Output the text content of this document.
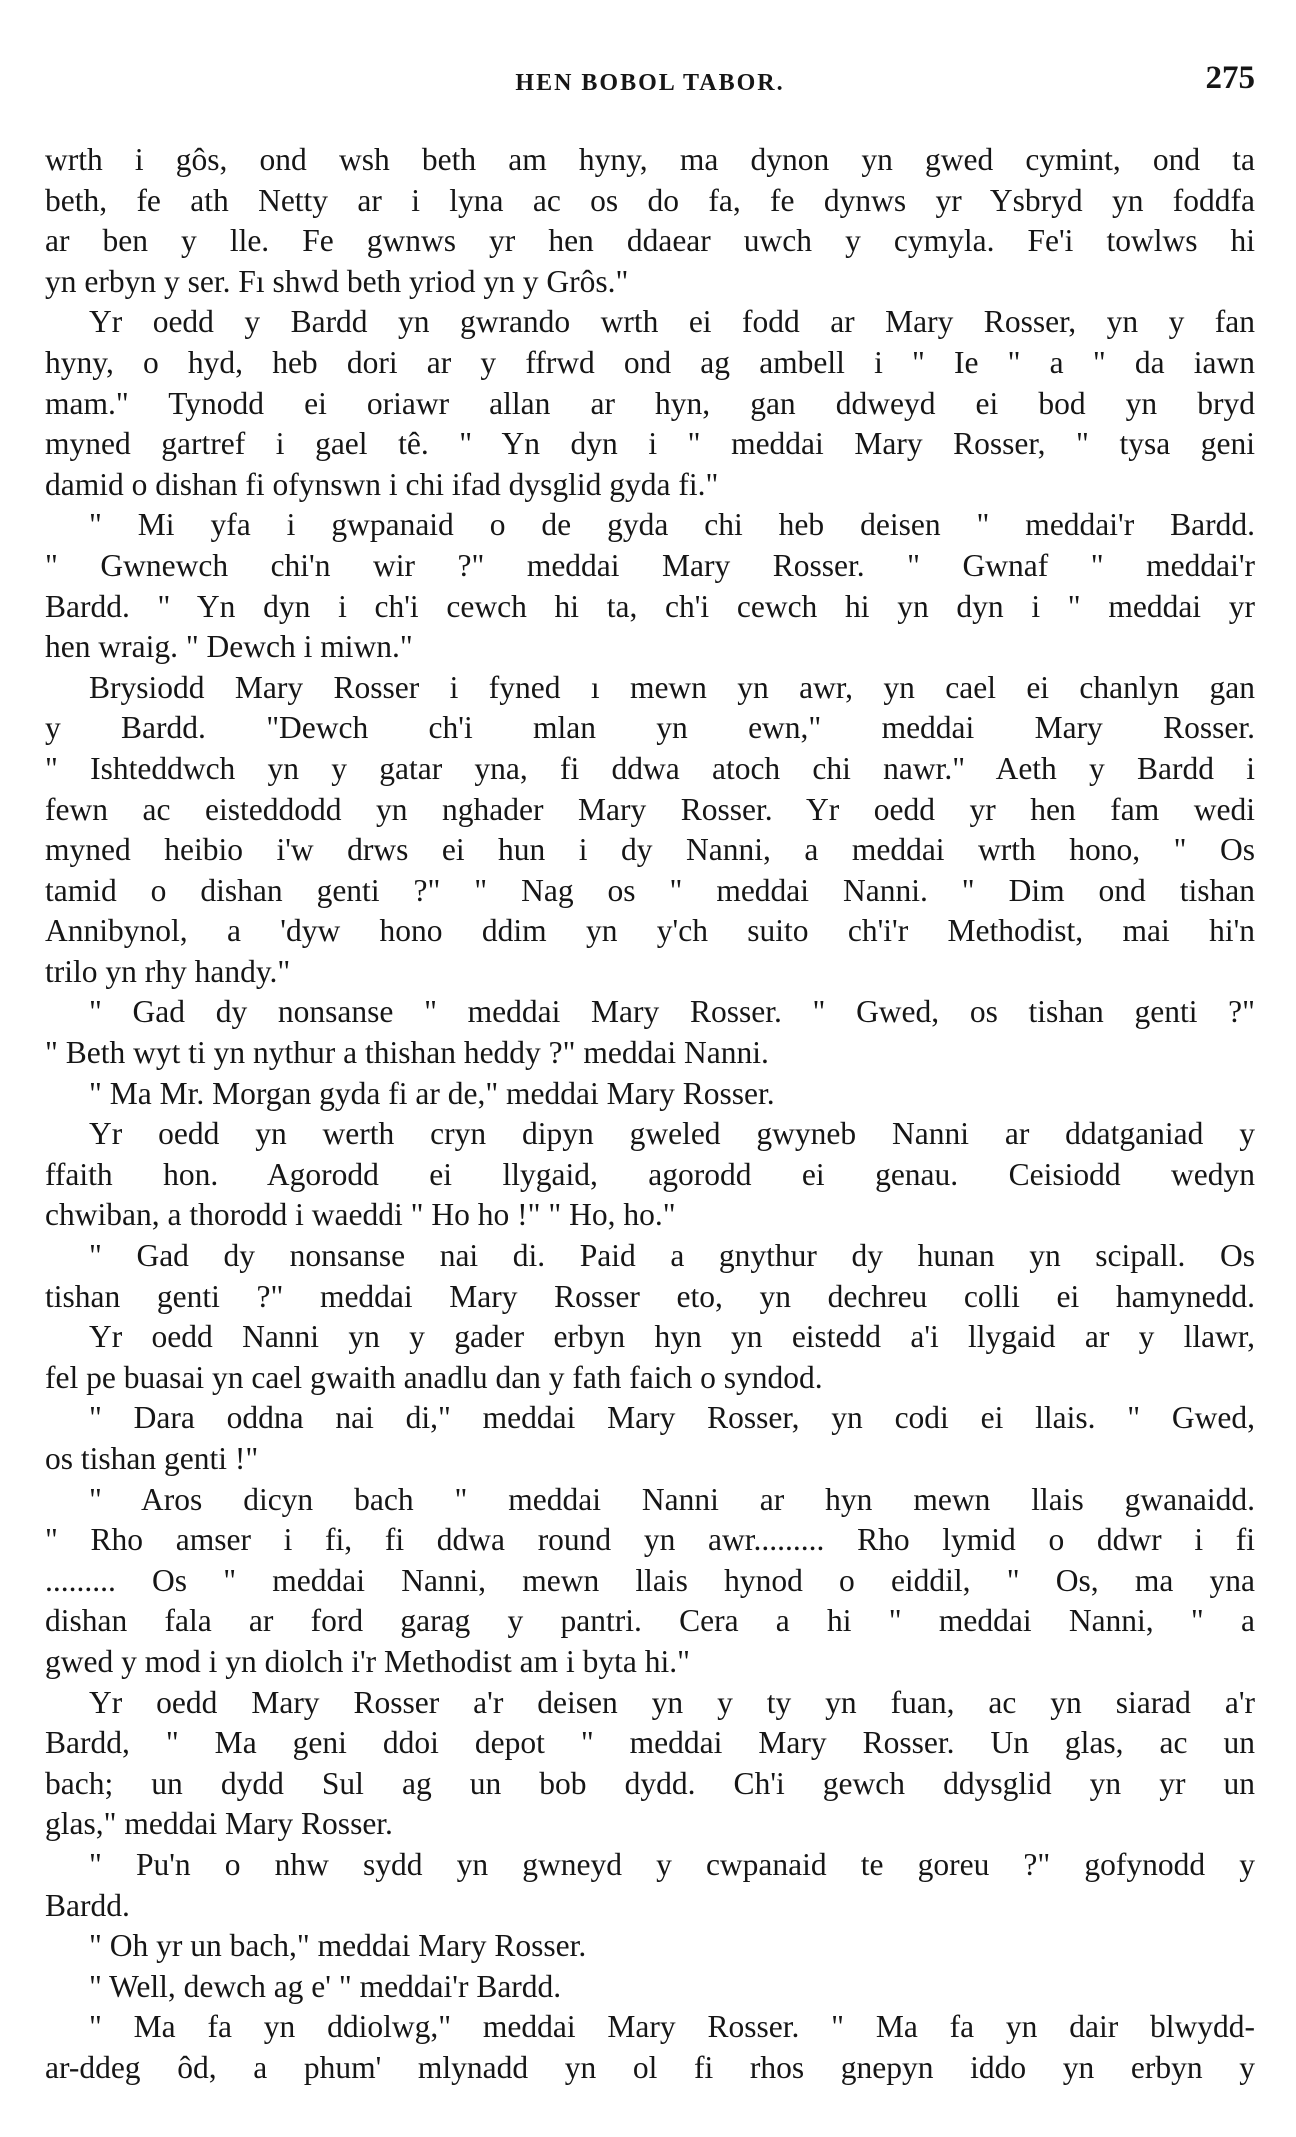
HEN BOBOL TABOR.	275
wrth i gôs, ond wsh beth am hyny, ma dynon yn gwed cymint, ond ta
beth, fe ath Netty ar i lyna ac os do fa, fe dynws yr Ysbryd yn foddfa
ar ben y lle. Fe gwnws yr hen ddaear uwch y cymyla. Fe'i towlws hi
yn erbyn y ser. Fı shwd beth yriod yn y Grôs."
Yr oedd y Bardd yn gwrando wrth ei fodd ar Mary Rosser, yn y fan
hyny, o hyd, heb dori ar y ffrwd ond ag ambell i " Ie " a " da iawn
mam." Tynodd ei oriawr allan ar hyn, gan ddweyd ei bod yn bryd
myned gartref i gael tê. " Yn dyn i " meddai Mary Rosser, " tysa geni
damid o dishan fi ofynswn i chi ifad dysglid gyda fi."
" Mi yfa i gwpanaid o de gyda chi heb deisen " meddai'r Bardd.
" Gwnewch chi'n wir ?" meddai Mary Rosser. " Gwnaf " meddai'r
Bardd. " Yn dyn i ch'i cewch hi ta, ch'i cewch hi yn dyn i " meddai yr
hen wraig. " Dewch i miwn."
Brysiodd Mary Rosser i fyned ı mewn yn awr, yn cael ei chanlyn gan
y Bardd. "Dewch ch'i mlan yn ewn," meddai Mary Rosser.
" Ishteddwch yn y gatar yna, fi ddwa atoch chi nawr." Aeth y Bardd i
fewn ac eisteddodd yn nghader Mary Rosser. Yr oedd yr hen fam wedi
myned heibio i'w drws ei hun i dy Nanni, a meddai wrth hono, " Os
tamid o dishan genti ?" " Nag os " meddai Nanni. " Dim ond tishan
Annibynol, a 'dyw hono ddim yn y'ch suito ch'i'r Methodist, mai hi'n
trilo yn rhy handy."
" Gad dy nonsanse " meddai Mary Rosser. " Gwed, os tishan genti ?"
" Beth wyt ti yn nythur a thishan heddy ?" meddai Nanni.
" Ma Mr. Morgan gyda fi ar de," meddai Mary Rosser.
Yr oedd yn werth cryn dipyn gweled gwyneb Nanni ar ddatganiad y
ffaith hon. Agorodd ei llygaid, agorodd ei genau. Ceisiodd wedyn
chwiban, a thorodd i waeddi " Ho ho !" " Ho, ho."
" Gad dy nonsanse nai di. Paid a gnythur dy hunan yn scipall. Os
tishan genti ?" meddai Mary Rosser eto, yn dechreu colli ei hamynedd.
Yr oedd Nanni yn y gader erbyn hyn yn eistedd a'i llygaid ar y llawr,
fel pe buasai yn cael gwaith anadlu dan y fath faich o syndod.
" Dara oddna nai di," meddai Mary Rosser, yn codi ei llais. " Gwed,
os tishan genti !"
" Aros dicyn bach " meddai Nanni ar hyn mewn llais gwanaidd.
" Rho amser i fi, fi ddwa round yn awr......... Rho lymid o ddwr i fi
......... Os " meddai Nanni, mewn llais hynod o eiddil, " Os, ma yna
dishan fala ar ford garag y pantri. Cera a hi " meddai Nanni, " a
gwed y mod i yn diolch i'r Methodist am i byta hi."
Yr oedd Mary Rosser a'r deisen yn y ty yn fuan, ac yn siarad a'r
Bardd, " Ma geni ddoi depot " meddai Mary Rosser. Un glas, ac un
bach; un dydd Sul ag un bob dydd. Ch'i gewch ddysglid yn yr un
glas," meddai Mary Rosser.
" Pu'n o nhw sydd yn gwneyd y cwpanaid te goreu ?" gofynodd y
Bardd.
" Oh yr un bach," meddai Mary Rosser.
" Well, dewch ag e' " meddai'r Bardd.
" Ma fa yn ddiolwg," meddai Mary Rosser. " Ma fa yn dair blwydd-
ar-ddeg ôd, a phum' mlynadd yn ol fi rhos gnepyn iddo yn erbyn y
